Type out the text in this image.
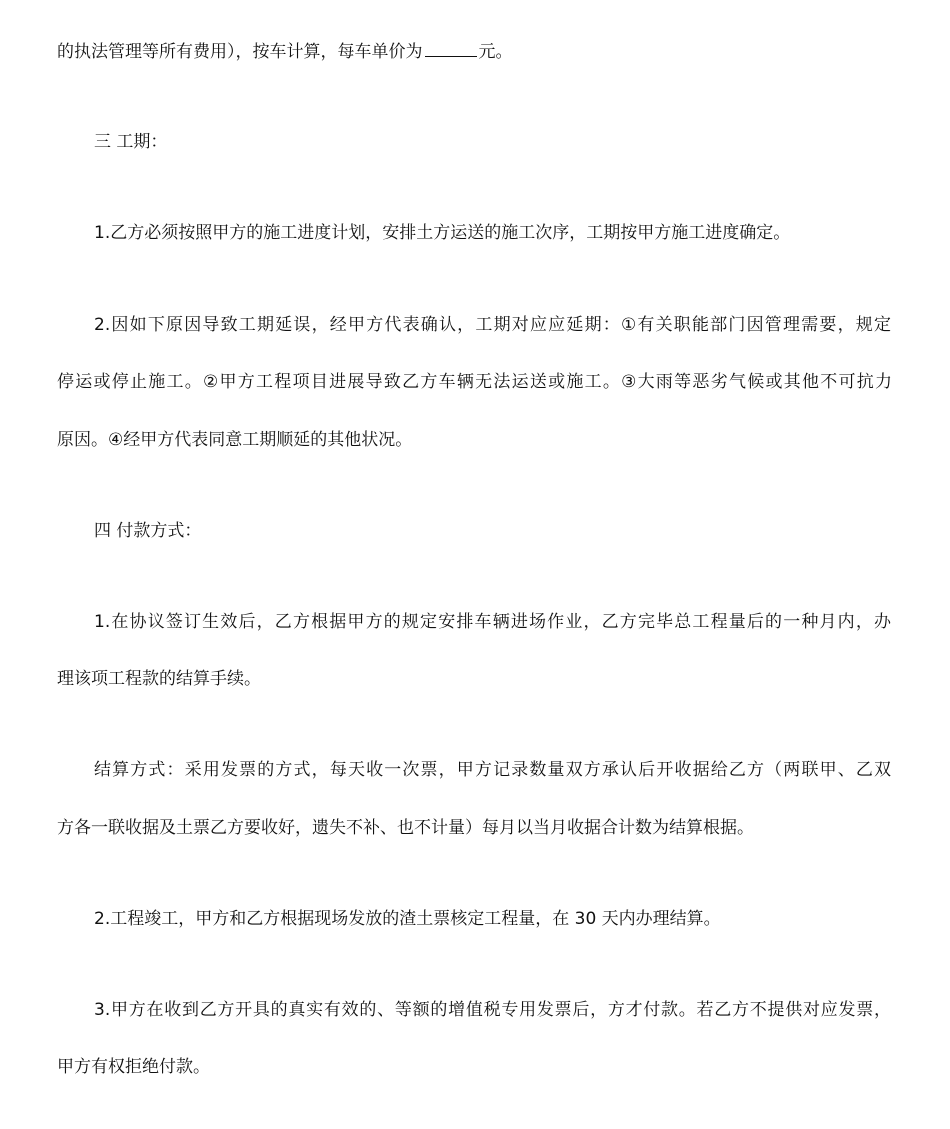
的执法管理等所有费用），按车计算，每车单价为	元。
三 工期：
1.乙方必须按照甲方的施工进度计划，安排土方运送的施工次序，工期按甲方施工进度确定。
2.因如下原因导致工期延误，经甲方代表确认，工期对应应延期：①有关职能部门因管理需要，规定
停运或停止施工。②甲方工程项目进展导致乙方车辆无法运送或施工。③大雨等恶劣气候或其他不可抗力
原因。④经甲方代表同意工期顺延的其他状况。
四 付款方式：
1.在协议签订生效后，乙方根据甲方的规定安排车辆进场作业，乙方完毕总工程量后的一种月内，办
理该项工程款的结算手续。
结算方式：采用发票的方式，每天收一次票，甲方记录数量双方承认后开收据给乙方（两联甲、乙双
方各一联收据及土票乙方要收好，遗失不补、也不计量）每月以当月收据合计数为结算根据。
2.工程竣工，甲方和乙方根据现场发放的渣土票核定工程量，在 30 天内办理结算。
3.甲方在收到乙方开具的真实有效的、等额的增值税专用发票后，方才付款。若乙方不提供对应发票，
甲方有权拒绝付款。
